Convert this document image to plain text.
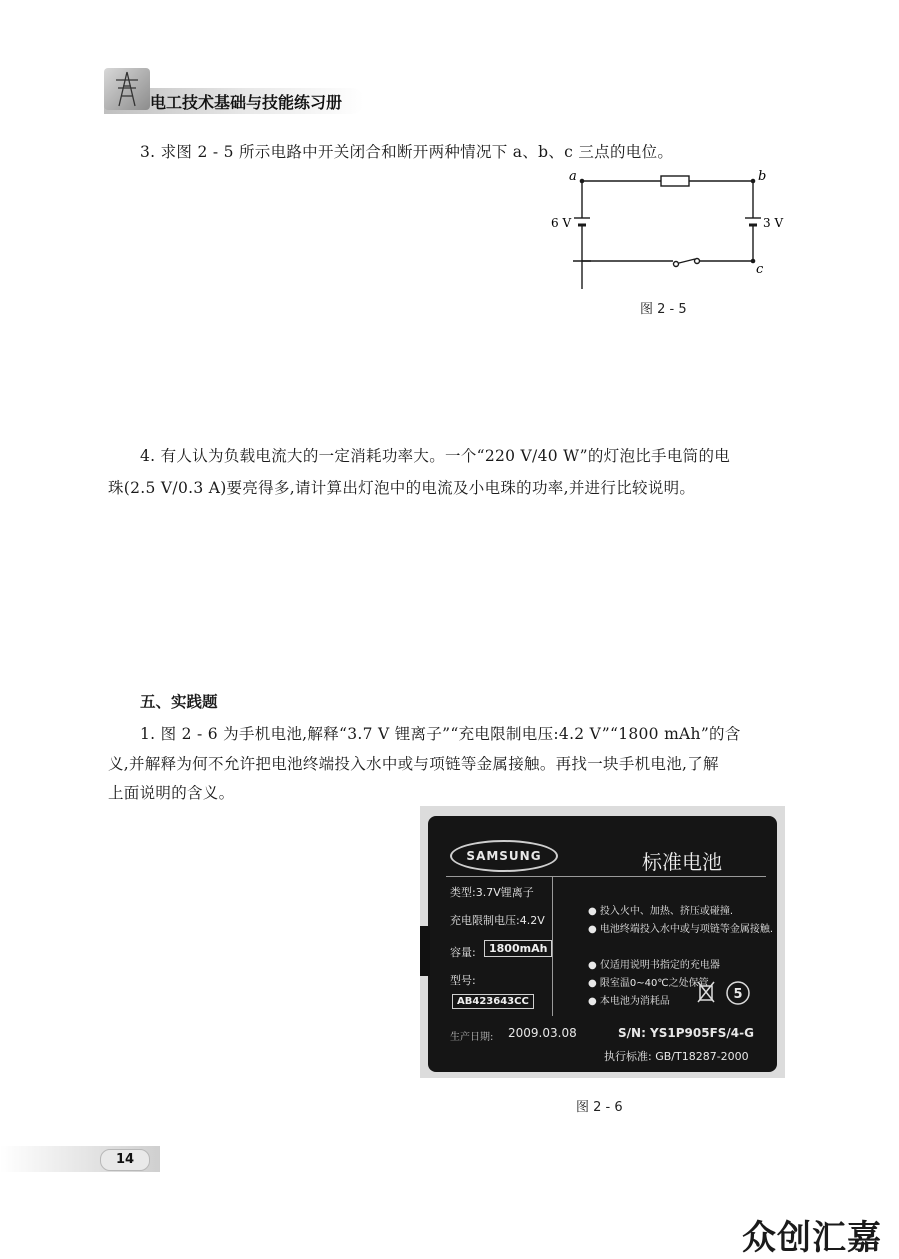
电工技术基础与技能练习册
3. 求图 2 - 5 所示电路中开关闭合和断开两种情况下 a、b、c 三点的电位。
a	b
c
6 V	3 V
图 2 - 5
4. 有人认为负载电流大的一定消耗功率大。一个“220 V/40 W”的灯泡比手电筒的电
珠(2.5 V/0.3 A)要亮得多,请计算出灯泡中的电流及小电珠的功率,并进行比较说明。
五、实践题
1. 图 2 - 6 为手机电池,解释“3.7 V 锂离子”“充电限制电压:4.2 V”“1800 mAh”的含
义,并解释为何不允许把电池终端投入水中或与项链等金属接触。再找一块手机电池,了解
上面说明的含义。
SAMSUNG	标准电池
类型:3.7V锂离子
充电限制电压:4.2V
容量:	1800mAh
型号:
AB423643CC
● 投入火中、加热、挤压或碰撞.
● 电池终端投入水中或与项链等金属接触.
● 仅适用说明书指定的充电器
● 限室温0~40℃之处保管
● 本电池为消耗品	5
生产日期: 2009.03.08	S/N: YS1P905FS/4-G
执行标准: GB/T18287-2000
图 2 - 6
14
众创汇嘉
